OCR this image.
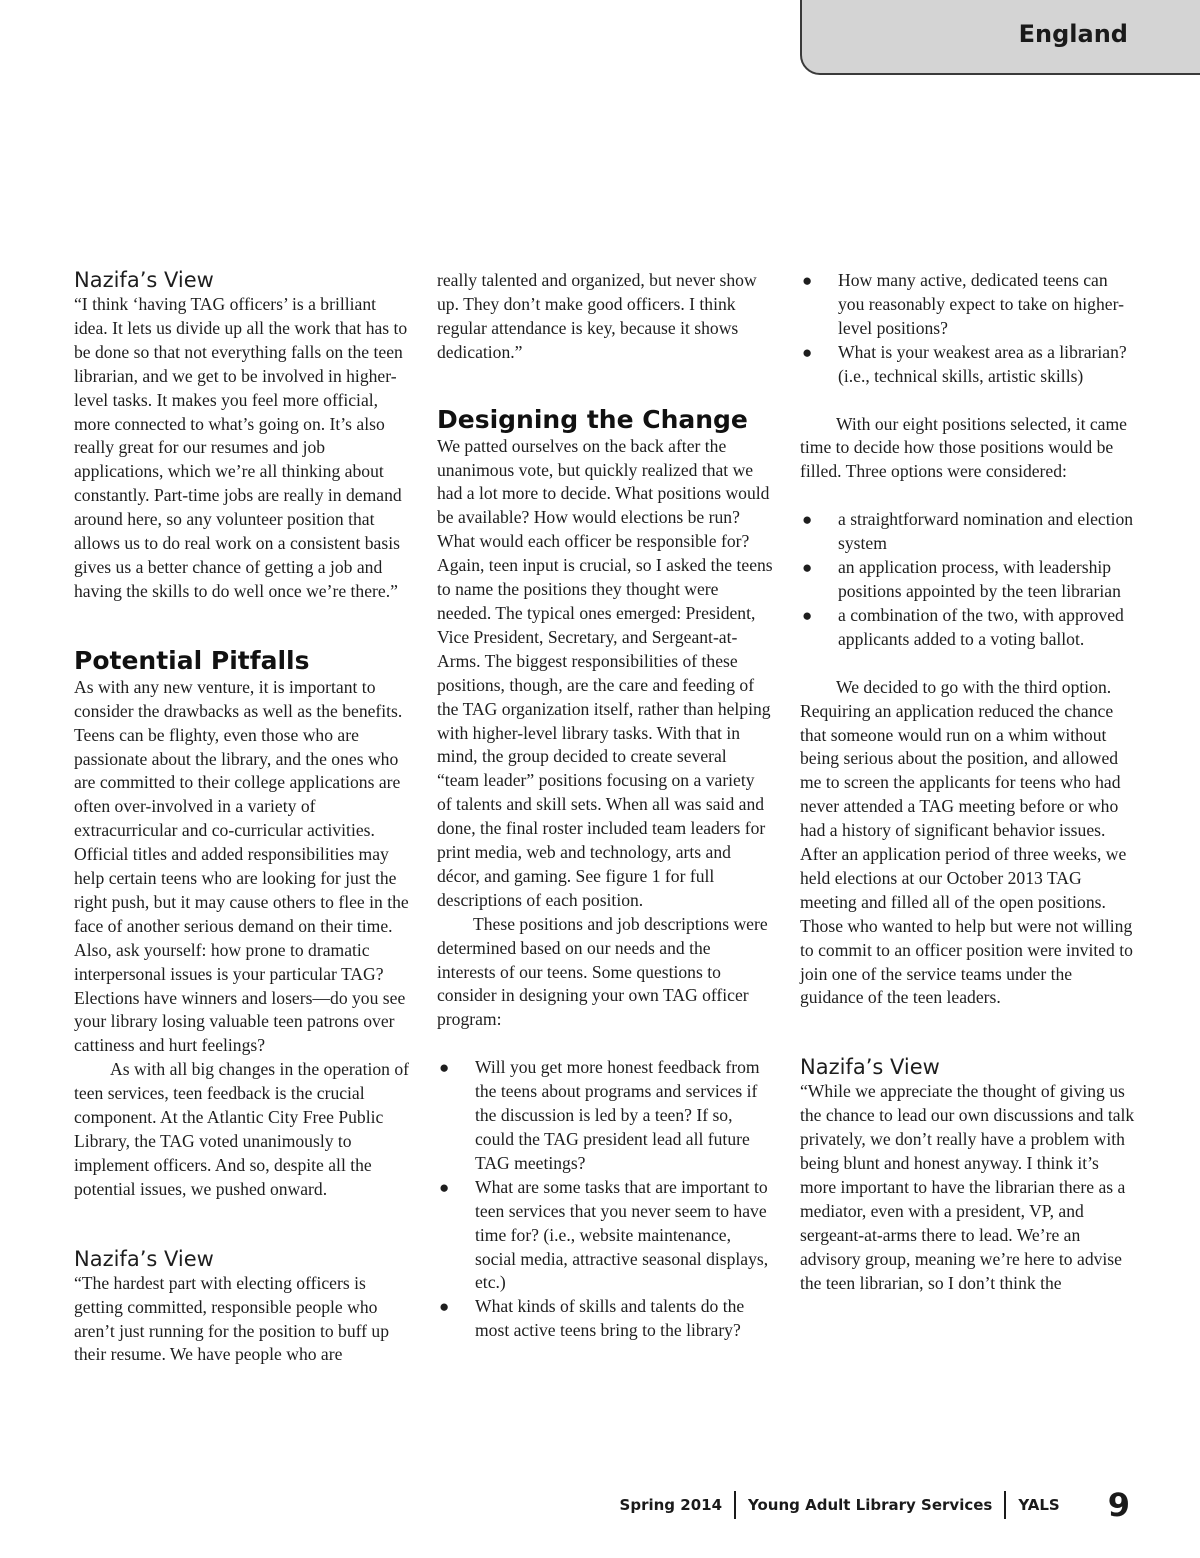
England
Nazifa’s View

“I think ‘having TAG officers’ is a brilliant idea. It lets us divide up all the work that has to be done so that not everything falls on the teen librarian, and we get to be involved in higher-level tasks. It makes you feel more official, more connected to what’s going on. It’s also really great for our resumes and job applications, which we’re all thinking about constantly. Part-time jobs are really in demand around here, so any volunteer position that allows us to do real work on a consistent basis gives us a better chance of getting a job and having the skills to do well once we’re there.”

Potential Pitfalls

As with any new venture, it is important to consider the drawbacks as well as the benefits. Teens can be flighty, even those who are passionate about the library, and the ones who are committed to their college applications are often over-involved in a variety of extracurricular and co-curricular activities. Official titles and added responsibilities may help certain teens who are looking for just the right push, but it may cause others to flee in the face of another serious demand on their time. Also, ask yourself: how prone to dramatic interpersonal issues is your particular TAG? Elections have winners and losers—do you see your library losing valuable teen patrons over cattiness and hurt feelings?

As with all big changes in the operation of teen services, teen feedback is the crucial component. At the Atlantic City Free Public Library, the TAG voted unanimously to implement officers. And so, despite all the potential issues, we pushed onward.

Nazifa’s View

“The hardest part with electing officers is getting committed, responsible people who aren’t just running for the position to buff up their resume. We have people who are

really talented and organized, but never show up. They don’t make good officers. I think regular attendance is key, because it shows dedication.”

Designing the Change

We patted ourselves on the back after the unanimous vote, but quickly realized that we had a lot more to decide. What positions would be available? How would elections be run? What would each officer be responsible for? Again, teen input is crucial, so I asked the teens to name the positions they thought were needed. The typical ones emerged: President, Vice President, Secretary, and Sergeant-at-Arms. The biggest responsibilities of these positions, though, are the care and feeding of the TAG organization itself, rather than helping with higher-level library tasks. With that in mind, the group decided to create several “team leader” positions focusing on a variety of talents and skill sets. When all was said and done, the final roster included team leaders for print media, web and technology, arts and décor, and gaming. See figure 1 for full descriptions of each position.

These positions and job descriptions were determined based on our needs and the interests of our teens. Some questions to consider in designing your own TAG officer program:

● Will you get more honest feedback from the teens about programs and services if the discussion is led by a teen? If so, could the TAG president lead all future TAG meetings?
● What are some tasks that are important to teen services that you never seem to have time for? (i.e., website maintenance, social media, attractive seasonal displays, etc.)
● What kinds of skills and talents do the most active teens bring to the library?
● How many active, dedicated teens can you reasonably expect to take on higher-level positions?
● What is your weakest area as a librarian? (i.e., technical skills, artistic skills)

With our eight positions selected, it came time to decide how those positions would be filled. Three options were considered:

● a straightforward nomination and election system
● an application process, with leadership positions appointed by the teen librarian
● a combination of the two, with approved applicants added to a voting ballot.

We decided to go with the third option. Requiring an application reduced the chance that someone would run on a whim without being serious about the position, and allowed me to screen the applicants for teens who had never attended a TAG meeting before or who had a history of significant behavior issues. After an application period of three weeks, we held elections at our October 2013 TAG meeting and filled all of the open positions. Those who wanted to help but were not willing to commit to an officer position were invited to join one of the service teams under the guidance of the teen leaders.

Nazifa’s View

“While we appreciate the thought of giving us the chance to lead our own discussions and talk privately, we don’t really have a problem with being blunt and honest anyway. I think it’s more important to have the librarian there as a mediator, even with a president, VP, and sergeant-at-arms there to lead. We’re an advisory group, meaning we’re here to advise the teen librarian, so I don’t think the

Spring 2014 Young Adult Library Services YALS 9
